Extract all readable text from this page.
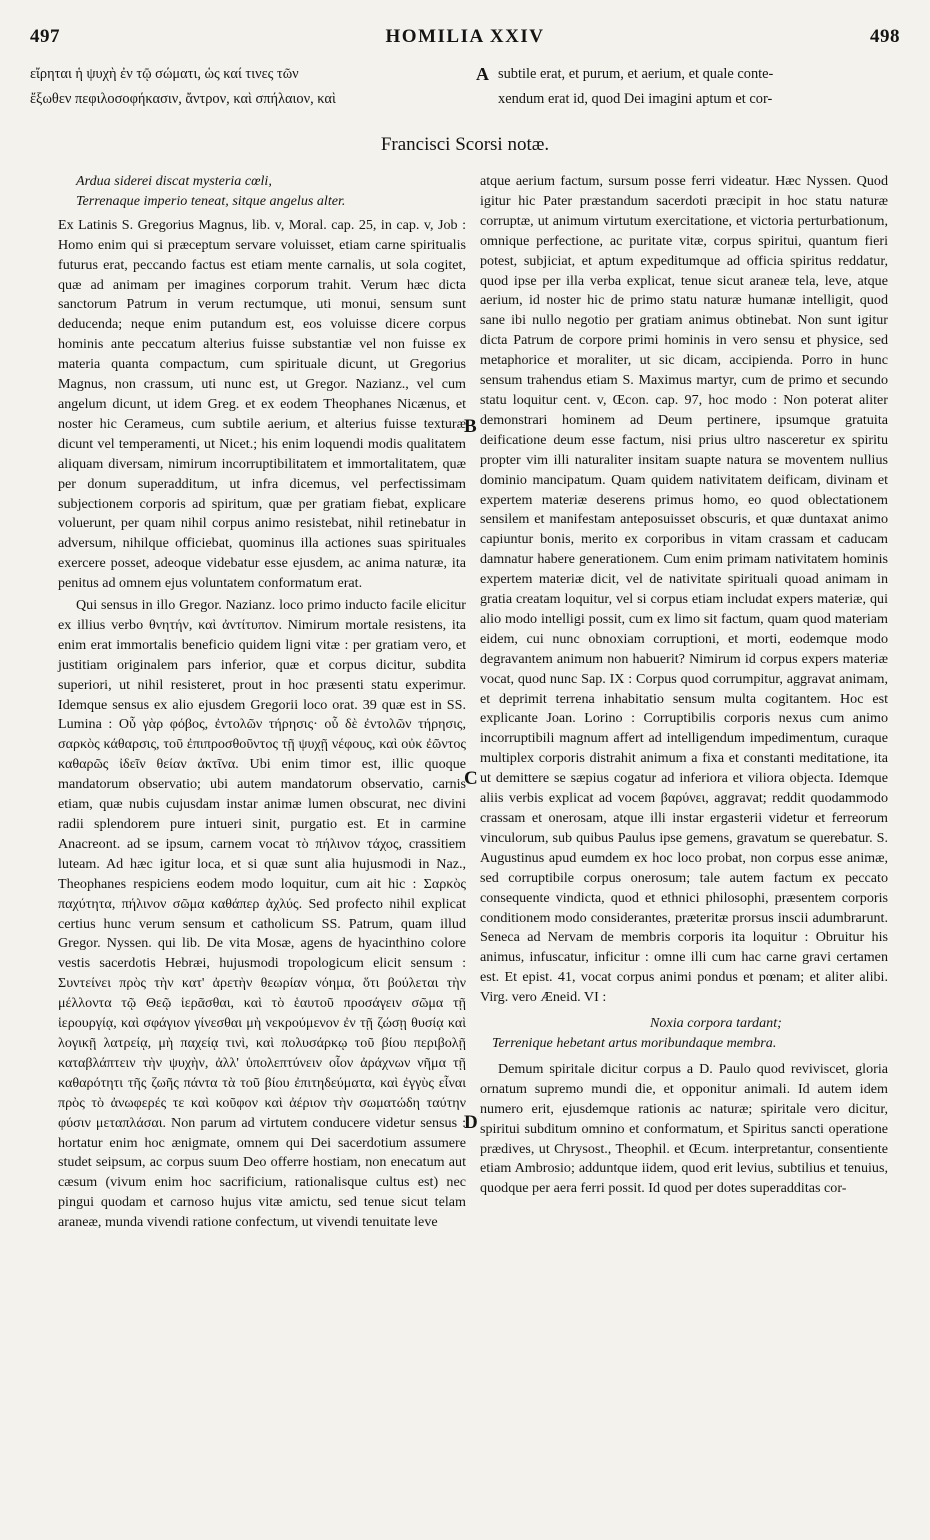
497	HOMILIA XXIV	498
εἴρηται ἡ ψυχὴ ἐν τῷ σώματι, ὡς καί τινες τῶν
ἔξωθεν πεφιλοσοφήκασιν, ἄντρον, καὶ σπήλαιον, καὶ
A subtile erat, et purum, et aerium, et quale conte-
xendum erat id, quod Dei imagini aptum et cor-
Francisci Scorsi notæ.
Ardua siderei discat mysteria cœli,
Terrenaque imperio teneat, sitque angelus alter.

Ex Latinis S. Gregorius Magnus, lib. v, Moral. cap. 25, in cap. v, Job : Homo enim qui si præceptum servare voluisset, etiam carne spiritualis futurus erat, peccando factus est etiam mente carnalis, ut sola cogitet, quæ ad animam per imagines corporum trahit. Verum hæc dicta sanctorum Patrum in verum rectumque, uti monui, sensum sunt deducenda; neque enim putandum est, eos voluisse dicere corpus hominis ante peccatum alterius fuisse substantiæ vel non fuisse ex materia quanta compactum, cum spirituale dicunt, ut Gregorius Magnus, non crassum, uti nunc est, ut Gregor. Nazianz., vel cum angelum dicunt, ut idem Greg. et ex eodem Theophanes Nicænus, et noster hic Cerameus, cum subtile aerium, et alterius fuisse texturæ dicunt vel temperamenti, ut Nicet.; his enim loquendi modis qualitatem aliquam diversam, nimirum incorruptibilitatem et immortalitatem, quæ per donum superadditum, ut infra dicemus, vel perfectissimam subjectionem corporis ad spiritum, quæ per gratiam fiebat, explicare voluerunt, per quam nihil corpus animo resistebat, nihil retinebatur in adversum, nihilque officiebat, quominus illa actiones suas spirituales exercere posset, adeoque videbatur esse ejusdem, ac anima naturæ, ita penitus ad omnem ejus voluntatem conformatum erat.

Qui sensus in illo Gregor. Nazianz. loco primo inducto facile elicitur ex illius verbo θνητήν, καὶ ἀντίτυπον. Nimirum mortale resistens, ita enim erat immortalis beneficio quidem ligni vitæ : per gratiam vero, et justitiam originalem pars inferior, quæ et corpus dicitur, subdita superiori, ut nihil resisteret, prout in hoc præsenti statu experimur. Idemque sensus ex alio ejusdem Gregorii loco orat. 39 quæ est in SS. Lumina : Οὗ γὰρ φόβος, ἐντολῶν τήρησις· οὗ δὲ ἐντολῶν τήρησις, σαρκὸς κάθαρσις, τοῦ ἐπιπροσθοῦντος τῇ ψυχῇ νέφους, καὶ οὐκ ἐῶντος καθαρῶς ἰδεῖν θείαν ἀκτῖνα. Ubi enim timor est, illic quoque mandatorum observatio; ubi autem mandatorum observatio, carnis etiam, quæ nubis cujusdam instar animæ lumen obscurat, nec divini radii splendorem pure intueri sinit, purgatio est. Et in carmine Anacreont. ad se ipsum, carnem vocat τὸ πήλινον τάχος, crassitiem luteam. Ad hæc igitur loca, et si quæ sunt alia hujusmodi in Naz., Theophanes respiciens eodem modo loquitur, cum ait hic : Σαρκὸς παχύτητα, πήλινον σῶμα καθάπερ ἀχλύς. Sed profecto nihil explicat certius hunc verum sensum et catholicum SS. Patrum, quam illud Gregor. Nyssen. qui lib. De vita Mosæ, agens de hyacinthino colore vestis sacerdotis Hebræi, hujusmodi tropologicum elicit sensum : Συντείνει πρὸς τὴν κατ' ἀρετὴν θεωρίαν νόημα, ὅτι βούλεται τὴν μέλλοντα τῷ Θεῷ ἱερᾶσθαι, καὶ τὸ ἑαυτοῦ προσάγειν σῶμα τῇ ἱερουργίᾳ, καὶ σφάγιον γίνεσθαι μὴ νεκρούμενον ἐν τῇ ζώσῃ θυσίᾳ καὶ λογικῇ λατρείᾳ, μὴ παχείᾳ τινὶ, καὶ πολυσάρκῳ τοῦ βίου περιβολῇ καταβλάπτειν τὴν ψυχὴν, ἀλλ' ὑπολεπτύνειν οἷον ἀράχνων νῆμα τῇ καθαρότητι τῆς ζωῆς πάντα τὰ τοῦ βίου ἐπιτηδεύματα, καὶ ἐγγὺς εἶναι πρὸς τὸ ἀνωφερές τε καὶ κοῦφον καὶ ἀέριον τὴν σωματώδη ταύτην φύσιν μεταπλάσαι. Non parum ad virtutem conducere videtur sensus : hortatur enim hoc ænigmate, omnem qui Dei sacerdotium assumere studet seipsum, ac corpus suum Deo offerre hostiam, non enecatum aut cæsum (vivum enim hoc sacrificium, rationalisque cultus est) nec pingui quodam et carnoso hujus vitæ amictu, sed tenue sicut telam araneæ, munda vivendi ratione confectum, ut vivendi tenuitate leve

B
C
D

atque aerium factum, sursum posse ferri videatur. Hæc Nyssen. Quod igitur hic Pater præstandum sacerdoti præcipit in hoc statu naturæ corruptæ, ut animum virtutum exercitatione, et victoria perturbationum, omnique perfectione, ac puritate vitæ, corpus spiritui, quantum fieri potest, subjiciat, et aptum expeditumque ad officia spiritus reddatur, quod ipse per illa verba explicat, tenue sicut araneæ tela, leve, atque aerium, id noster hic de primo statu naturæ humanæ intelligit, quod sane ibi nullo negotio per gratiam animus obtinebat. Non sunt igitur dicta Patrum de corpore primi hominis in vero sensu et physice, sed metaphorice et moraliter, ut sic dicam, accipienda. Porro in hunc sensum trahendus etiam S. Maximus martyr, cum de primo et secundo statu loquitur cent. v, Œcon. cap. 97, hoc modo : Non poterat aliter demonstrari hominem ad Deum pertinere, ipsumque gratuita deificatione deum esse factum, nisi prius ultro nasceretur ex spiritu propter vim illi naturaliter insitam suapte natura se moventem nullius dominio mancipatum. Quam quidem nativitatem deificam, divinam et expertem materiæ deserens primus homo, eo quod oblectationem sensilem et manifestam anteposuisset obscuris, et quæ duntaxat animo capiuntur bonis, merito ex corporibus in vitam crassam et caducam damnatur habere generationem. Cum enim primam nativitatem hominis expertem materiæ dicit, vel de nativitate spirituali quoad animam in gratia creatam loquitur, vel si corpus etiam includat expers materiæ, qui alio modo intelligi possit, cum ex limo sit factum, quam quod materiam eidem, cui nunc obnoxiam corruptioni, et morti, eodemque modo degravantem animum non habuerit? Nimirum id corpus expers materiæ vocat, quod nunc Sap. IX : Corpus quod corrumpitur, aggravat animam, et deprimit terrena inhabitatio sensum multa cogitantem. Hoc est explicante Joan. Lorino : Corruptibilis corporis nexus cum animo incorruptibili magnum affert ad intelligendum impedimentum, curaque multiplex corporis distrahit animum a fixa et constanti meditatione, ita ut demittere se sæpius cogatur ad inferiora et viliora objecta. Idemque aliis verbis explicat ad vocem βαρύνει, aggravat; reddit quodammodo crassam et onerosam, atque illi instar ergasterii videtur et ferreorum vinculorum, sub quibus Paulus ipse gemens, gravatum se querebatur. S. Augustinus apud eumdem ex hoc loco probat, non corpus esse animæ, sed corruptibile corpus onerosum; tale autem factum ex peccato consequente vindicta, quod et ethnici philosophi, præsentem corporis conditionem modo considerantes, præteritæ prorsus inscii adumbrarunt. Seneca ad Nervam de membris corporis ita loquitur : Obruitur his animus, infuscatur, inficitur : omne illi cum hac carne gravi certamen est. Et epist. 41, vocat corpus animi pondus et pœnam; et aliter alibi. Virg. vero Æneid. VI :

Noxia corpora tardant;
Terrenique hebetant artus moribundaque membra.

Demum spiritale dicitur corpus a D. Paulo quod reviviscet, gloria ornatum supremo mundi die, et opponitur animali. Id autem idem numero erit, ejusdemque rationis ac naturæ; spiritale vero dicitur, spiritui subditum omnino et conformatum, et Spiritus sancti operatione prædives, ut Chrysost., Theophil. et Œcum. interpretantur, consentiente etiam Ambrosio; adduntque iidem, quod erit levius, subtilius et tenuius, quodque per aera ferri possit. Id quod per dotes superadditas cor-
